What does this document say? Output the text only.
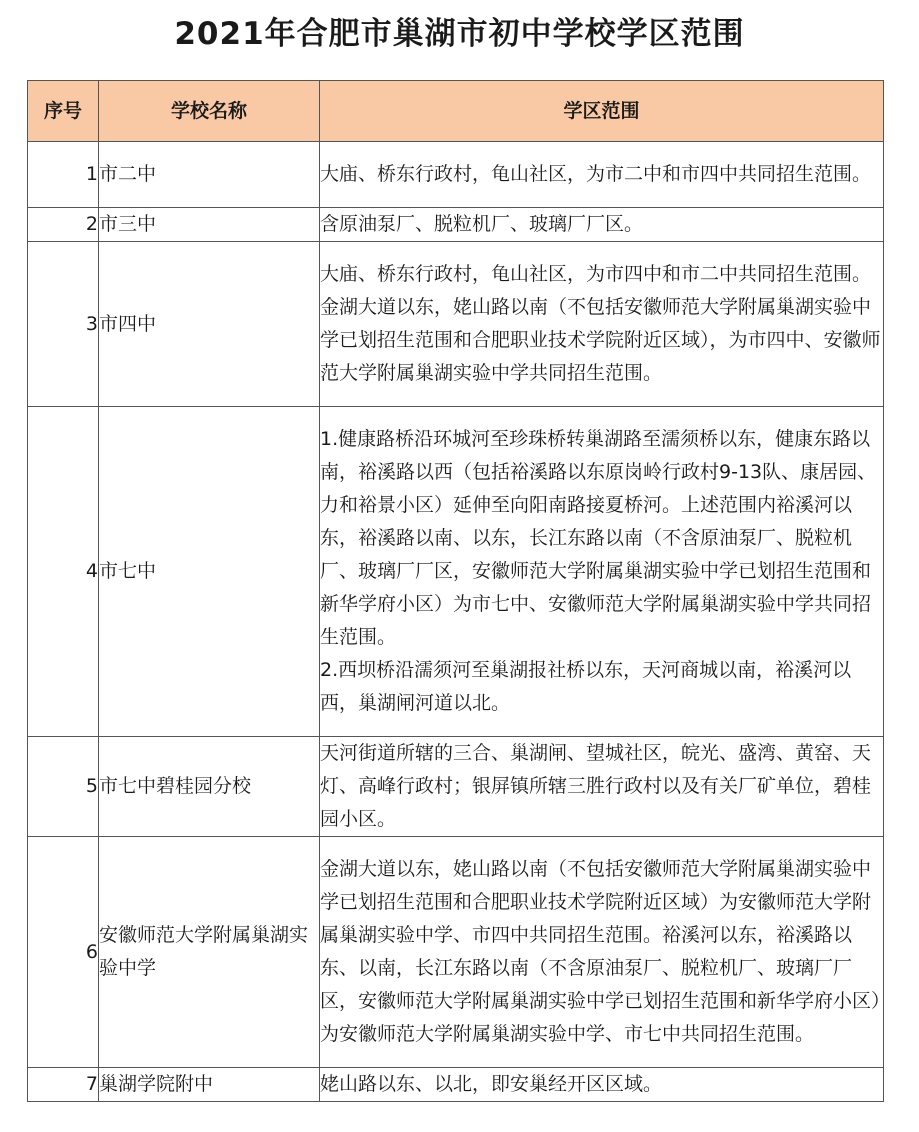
2021年合肥市巢湖市初中学校学区范围
序号	学校名称	学区范围
1	市二中	大庙、桥东行政村，龟山社区，为市二中和市四中共同招生范围。

2	市三中	含原油泵厂、脱粒机厂、玻璃厂厂区。

3	市四中	大庙、桥东行政村，龟山社区，为市四中和市二中共同招生范围。金湖大道以东，姥山路以南（不包括安徽师范大学附属巢湖实验中学已划招生范围和合肥职业技术学院附近区域），为市四中、安徽师范大学附属巢湖实验中学共同招生范围。

4	市七中	1.健康路桥沿环城河至珍珠桥转巢湖路至濡须桥以东，健康东路以南，裕溪路以西（包括裕溪路以东原岗岭行政村9-13队、康居园、力和裕景小区）延伸至向阳南路接夏桥河。上述范围内裕溪河以东，裕溪路以南、以东，长江东路以南（不含原油泵厂、脱粒机厂、玻璃厂厂区，安徽师范大学附属巢湖实验中学已划招生范围和新华学府小区）为市七中、安徽师范大学附属巢湖实验中学共同招生范围。
2.西坝桥沿濡须河至巢湖报社桥以东，天河商城以南，裕溪河以西，巢湖闸河道以北。

5	市七中碧桂园分校	天河街道所辖的三合、巢湖闸、望城社区，皖光、盛湾、黄窑、天灯、高峰行政村；银屏镇所辖三胜行政村以及有关厂矿单位，碧桂园小区。

6	安徽师范大学附属巢湖实验中学	金湖大道以东，姥山路以南（不包括安徽师范大学附属巢湖实验中学已划招生范围和合肥职业技术学院附近区域）为安徽师范大学附属巢湖实验中学、市四中共同招生范围。裕溪河以东，裕溪路以东、以南，长江东路以南（不含原油泵厂、脱粒机厂、玻璃厂厂区，安徽师范大学附属巢湖实验中学已划招生范围和新华学府小区）为安徽师范大学附属巢湖实验中学、市七中共同招生范围。

7	巢湖学院附中	姥山路以东、以北，即安巢经开区区域。
